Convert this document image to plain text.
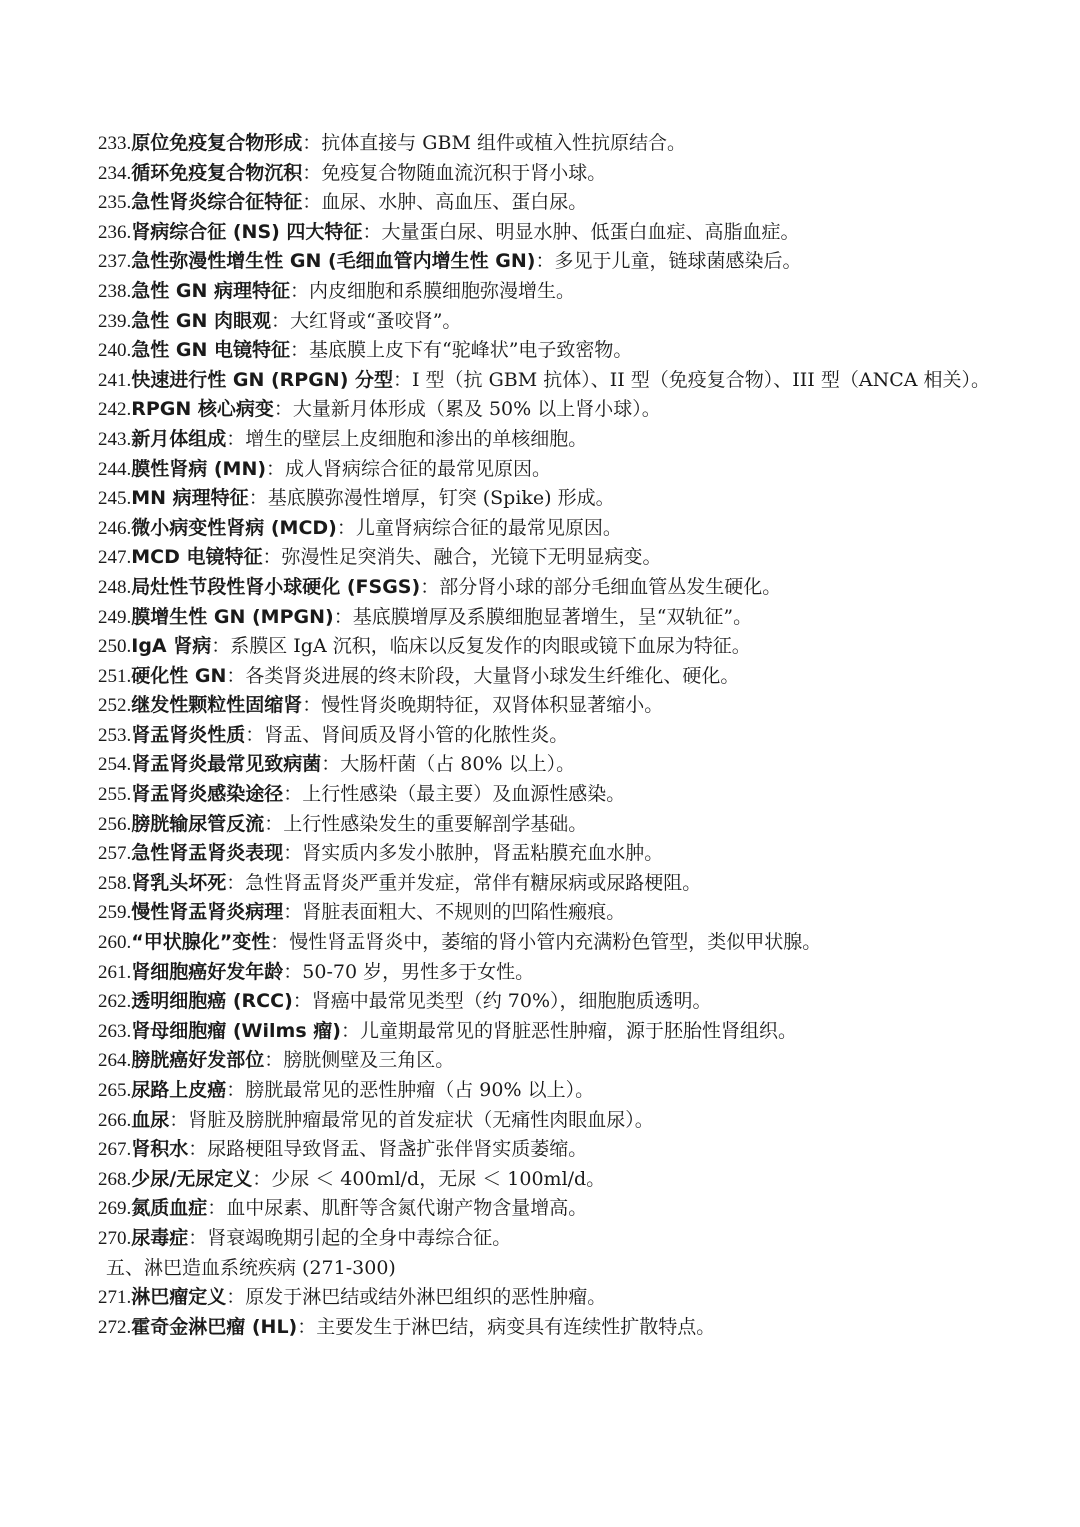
233.原位免疫复合物形成：抗体直接与 GBM 组件或植入性抗原结合。
234.循环免疫复合物沉积：免疫复合物随血流沉积于肾小球。
235.急性肾炎综合征特征：血尿、水肿、高血压、蛋白尿。
236.肾病综合征 (NS) 四大特征：大量蛋白尿、明显水肿、低蛋白血症、高脂血症。
237.急性弥漫性增生性 GN (毛细血管内增生性 GN)：多见于儿童，链球菌感染后。
238.急性 GN 病理特征：内皮细胞和系膜细胞弥漫增生。
239.急性 GN 肉眼观：大红肾或“蚤咬肾”。
240.急性 GN 电镜特征：基底膜上皮下有“驼峰状”电子致密物。
241.快速进行性 GN (RPGN) 分型：I 型（抗 GBM 抗体）、II 型（免疫复合物）、III 型（ANCA 相关）。
242.RPGN 核心病变：大量新月体形成（累及 50% 以上肾小球）。
243.新月体组成：增生的壁层上皮细胞和渗出的单核细胞。
244.膜性肾病 (MN)：成人肾病综合征的最常见原因。
245.MN 病理特征：基底膜弥漫性增厚，钉突 (Spike) 形成。
246.微小病变性肾病 (MCD)：儿童肾病综合征的最常见原因。
247.MCD 电镜特征：弥漫性足突消失、融合，光镜下无明显病变。
248.局灶性节段性肾小球硬化 (FSGS)：部分肾小球的部分毛细血管丛发生硬化。
249.膜增生性 GN (MPGN)：基底膜增厚及系膜细胞显著增生，呈“双轨征”。
250.IgA 肾病：系膜区 IgA 沉积，临床以反复发作的肉眼或镜下血尿为特征。
251.硬化性 GN：各类肾炎进展的终末阶段，大量肾小球发生纤维化、硬化。
252.继发性颗粒性固缩肾：慢性肾炎晚期特征，双肾体积显著缩小。
253.肾盂肾炎性质：肾盂、肾间质及肾小管的化脓性炎。
254.肾盂肾炎最常见致病菌：大肠杆菌（占 80% 以上）。
255.肾盂肾炎感染途径：上行性感染（最主要）及血源性感染。
256.膀胱输尿管反流：上行性感染发生的重要解剖学基础。
257.急性肾盂肾炎表现：肾实质内多发小脓肿，肾盂粘膜充血水肿。
258.肾乳头坏死：急性肾盂肾炎严重并发症，常伴有糖尿病或尿路梗阻。
259.慢性肾盂肾炎病理：肾脏表面粗大、不规则的凹陷性瘢痕。
260.“甲状腺化”变性：慢性肾盂肾炎中，萎缩的肾小管内充满粉色管型，类似甲状腺。
261.肾细胞癌好发年龄：50-70 岁，男性多于女性。
262.透明细胞癌 (RCC)：肾癌中最常见类型（约 70%），细胞胞质透明。
263.肾母细胞瘤 (Wilms 瘤)：儿童期最常见的肾脏恶性肿瘤，源于胚胎性肾组织。
264.膀胱癌好发部位：膀胱侧壁及三角区。
265.尿路上皮癌：膀胱最常见的恶性肿瘤（占 90% 以上）。
266.血尿：肾脏及膀胱肿瘤最常见的首发症状（无痛性肉眼血尿）。
267.肾积水：尿路梗阻导致肾盂、肾盏扩张伴肾实质萎缩。
268.少尿/无尿定义：少尿 ＜ 400ml/d，无尿 ＜ 100ml/d。
269.氮质血症：血中尿素、肌酐等含氮代谢产物含量增高。
270.尿毒症：肾衰竭晚期引起的全身中毒综合征。
五、淋巴造血系统疾病 (271-300)
271.淋巴瘤定义：原发于淋巴结或结外淋巴组织的恶性肿瘤。
272.霍奇金淋巴瘤 (HL)：主要发生于淋巴结，病变具有连续性扩散特点。
